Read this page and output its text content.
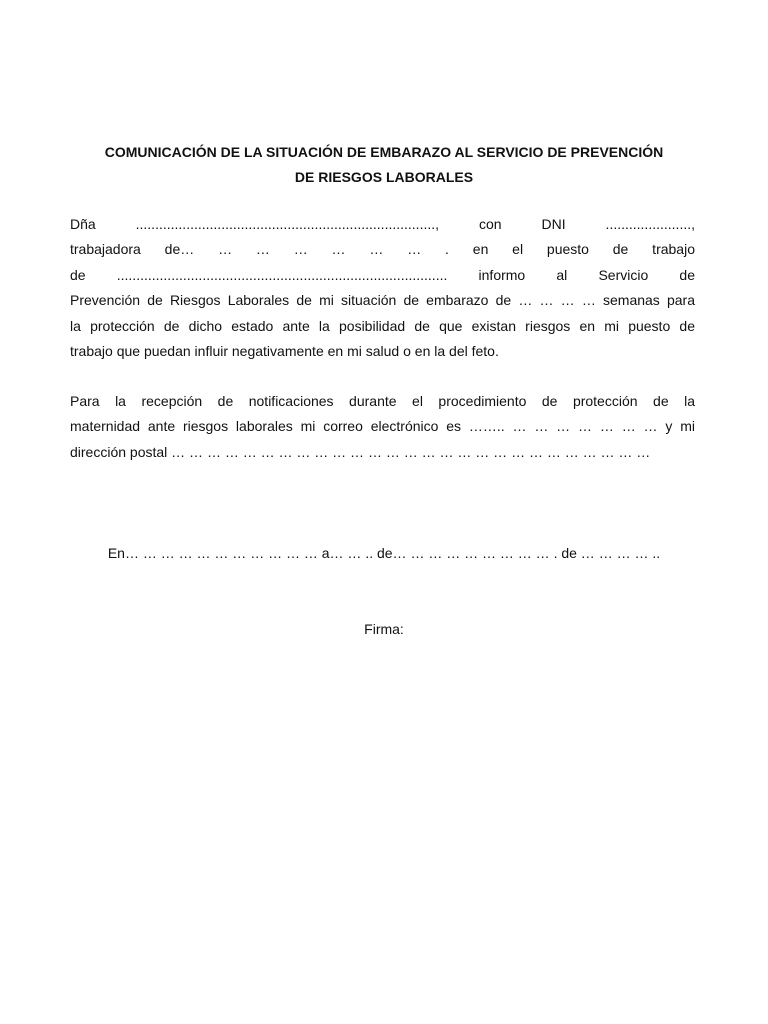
COMUNICACIÓN DE LA SITUACIÓN DE EMBARAZO AL SERVICIO DE PREVENCIÓN
DE RIESGOS LABORALES
Dña ............................................................................., con DNI ......................,
trabajadora de… … … … … … … . en el puesto de trabajo
de ..................................................................................... informo al Servicio de
Prevención de Riesgos Laborales de mi situación de embarazo de … … … … semanas para
la protección de dicho estado ante la posibilidad de que existan riesgos en mi puesto de
trabajo que puedan influir negativamente en mi salud o en la del feto.
Para la recepción de notificaciones durante el procedimiento de protección de la
maternidad ante riesgos laborales mi correo electrónico es …….. … … … … … … … y mi
dirección postal … … … … … … … … … … … … … … … … … … … … … … … … … … …

En… … … … … … … … … … … a… … .. de… … … … … … … … … . de … … … … ..

Firma:
